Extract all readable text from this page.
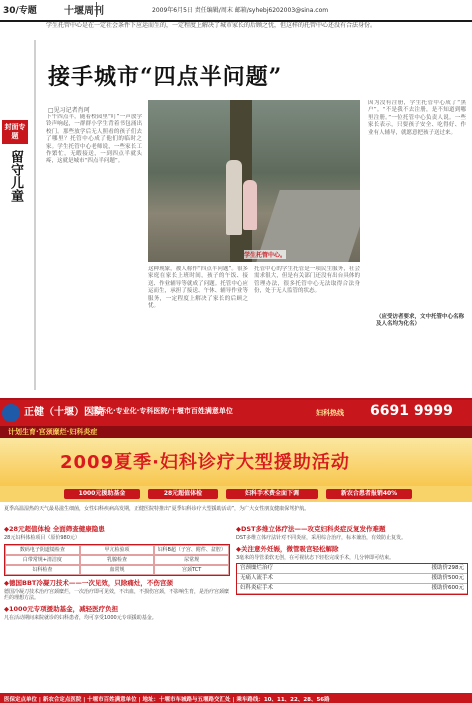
30/专题	十堰周刊	2009年6月5日 责任编辑/周末 邮箱/syhebj6202003@sina.com
封面专题
留守儿童
学生托管中心是在一定社会条件下应运而生的，一定程度上解决了城市家长的后顾之忧，但这样的托管中心还没有合法身份。
接手城市“四点半问题”
□见习记者肖珂
下午四点半，随着校园里“叮”一声放学铃声响起，一群群小学生背着书包涌出校门。那些放学后无人照看的孩子们去了哪里？托管中心成了他们的临时之家。学生托管中心老师说，一些家长工作繁忙，无暇接送，一到四点半就头疼，这就是城市“四点半问题”。
学生托管中心。
这种现象，被人称作“四点半问题”。很多家庭在家长上班时间，孩子的午饭、接送、作业辅导等就成了问题。托管中心应运而生，承担了接送、午休、辅导作业等服务，一定程度上解决了家长的后顾之忧。
托管中心的学生托管是一项民生服务，社会需求很大，但是有关部门还没有出台具体的管理办法，很多托管中心无法取得合法身份，处于无人监管的状态。
因为没有注册，学生托管中心成了“黑户”。“不是我不去注册，是不知道到哪里注册。”一位托管中心负责人说。一些家长表示，只要孩子安全、吃得好、作业有人辅导，就愿意把孩子送过来。
（应受访者要求，文中托管中心名称及人名均为化名）
正健（十堰）医院
国际化·专业化·专科医院/十堰市百姓满意单位	妇科热线 6691 9999
计划生育·宫颈糜烂·妇科炎症
2009夏季·妇科诊疗大型援助活动
1000元援助基金	28元超值体检	妇科手术费全面下调	新农合患者报销40%
夏季高温湿热的天气最易滋生细菌，女性妇科疾病高发期，正健医院特推出“夏季妇科诊疗大型援助活动”，为广大女性朋友健康保驾护航。
◆28元超值体检 全面筛查健康隐患
28元妇科体检项目（原价980元）
数码电子阴道镜检查	甲亢检验项	妇科B超（子宫、附件、盆腔）
白带常规+清洁度	乳腺检查	尿常规
妇科检查	血常规	宫颈TCT
◆德国BBT冷凝刀技术——一次见效，只除痛灶，不伤宫颈
德国冷凝刀技术治疗宫颈糜烂，一次治疗即可见效，不出血，不损伤宫颈，不影响生育，是治疗宫颈糜烂的理想方法。
◆1000元专项援助基金，减轻医疗负担
凡在活动期间来院就诊的妇科患者，均可享受1000元专项援助基金。
◆DST多维立体疗法——攻克妇科炎症反复发作难题
DST多维立体疗法针对不同炎症，采用综合治疗，标本兼治，有效防止复发。
◆关注意外妊娠，微管吸宫轻松解除
3毫米的导管柔软无创，在可视状态下轻松完成手术，几分钟即可结束。
宫颈糜烂治疗	援助价298元
无痛人流手术	援助价500元
妇科炎症手术	援助价600元
医保定点单位 | 新农合定点医院 | 十堰市百姓满意单位 | 地址：十堰市车城路与五堰路交汇处 | 乘车路线：10、11、22、28、56路
